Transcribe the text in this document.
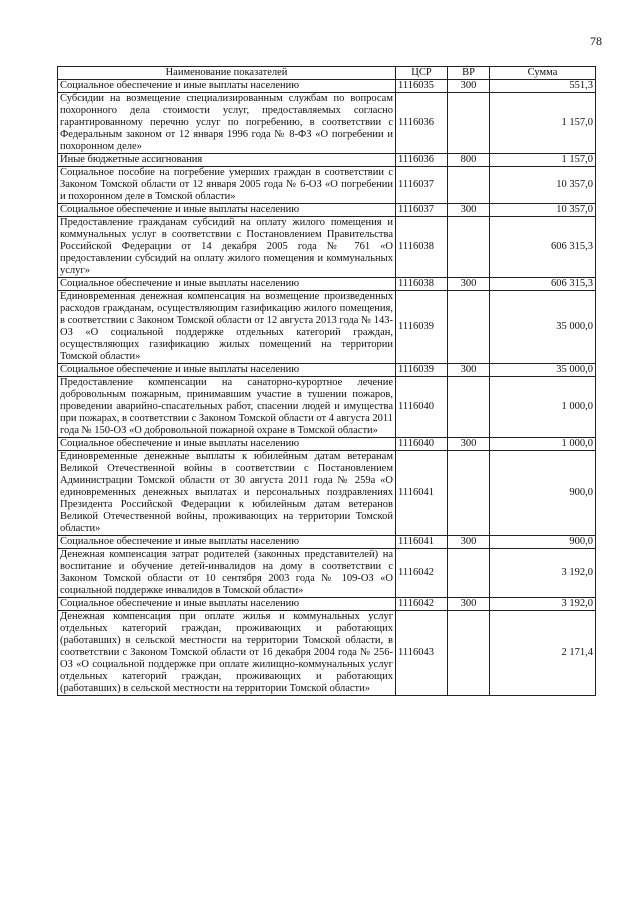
78
Наименование показателей	ЦСР	ВР	Сумма
Социальное обеспечение и иные выплаты населению	1116035	300	551,3
Субсидии на возмещение специализированным службам по вопросам похоронного дела стоимости услуг, предоставляемых согласно гарантированному перечню услуг по погребению, в соответствии с Федеральным законом от 12 января 1996 года № 8-ФЗ «О погребении и похоронном деле»	1116036		1 157,0
Иные бюджетные ассигнования	1116036	800	1 157,0
Социальное пособие на погребение умерших граждан в соответствии с Законом Томской области от 12 января 2005 года № 6-ОЗ «О погребении и похоронном деле в Томской области»	1116037		10 357,0
Социальное обеспечение и иные выплаты населению	1116037	300	10 357,0
Предоставление гражданам субсидий на оплату жилого помещения и коммунальных услуг в соответствии с Постановлением Правительства Российской Федерации от 14 декабря 2005 года № 761 «О предоставлении субсидий на оплату жилого помещения и коммунальных услуг»	1116038		606 315,3
Социальное обеспечение и иные выплаты населению	1116038	300	606 315,3
Единовременная денежная компенсация на возмещение произведенных расходов гражданам, осуществляющим газификацию жилого помещения, в соответствии с Законом Томской области от 12 августа 2013 года № 143-ОЗ «О социальной поддержке отдельных категорий граждан, осуществляющих газификацию жилых помещений на территории Томской области»	1116039		35 000,0
Социальное обеспечение и иные выплаты населению	1116039	300	35 000,0
Предоставление компенсации на санаторно-курортное лечение добровольным пожарным, принимавшим участие в тушении пожаров, проведении аварийно-спасательных работ, спасении людей и имущества при пожарах, в соответствии с Законом Томской области от 4 августа 2011 года № 150-ОЗ «О добровольной пожарной охране в Томской области»	1116040		1 000,0
Социальное обеспечение и иные выплаты населению	1116040	300	1 000,0
Единовременные денежные выплаты к юбилейным датам ветеранам Великой Отечественной войны в соответствии с Постановлением Администрации Томской области от 30 августа 2011 года № 259а «О единовременных денежных выплатах и персональных поздравлениях Президента Российской Федерации к юбилейным датам ветеранов Великой Отечественной войны, проживающих на территории Томской области»	1116041		900,0
Социальное обеспечение и иные выплаты населению	1116041	300	900,0
Денежная компенсация затрат родителей (законных представителей) на воспитание и обучение детей-инвалидов на дому в соответствии с Законом Томской области от 10 сентября 2003 года № 109-ОЗ «О социальной поддержке инвалидов в Томской области»	1116042		3 192,0
Социальное обеспечение и иные выплаты населению	1116042	300	3 192,0
Денежная компенсация при оплате жилья и коммунальных услуг отдельных категорий граждан, проживающих и работающих (работавших) в сельской местности на территории Томской области, в соответствии с Законом Томской области от 16 декабря 2004 года № 256-ОЗ «О социальной поддержке при оплате жилищно-коммунальных услуг отдельных категорий граждан, проживающих и работающих (работавших) в сельской местности на территории Томской области»	1116043		2 171,4
